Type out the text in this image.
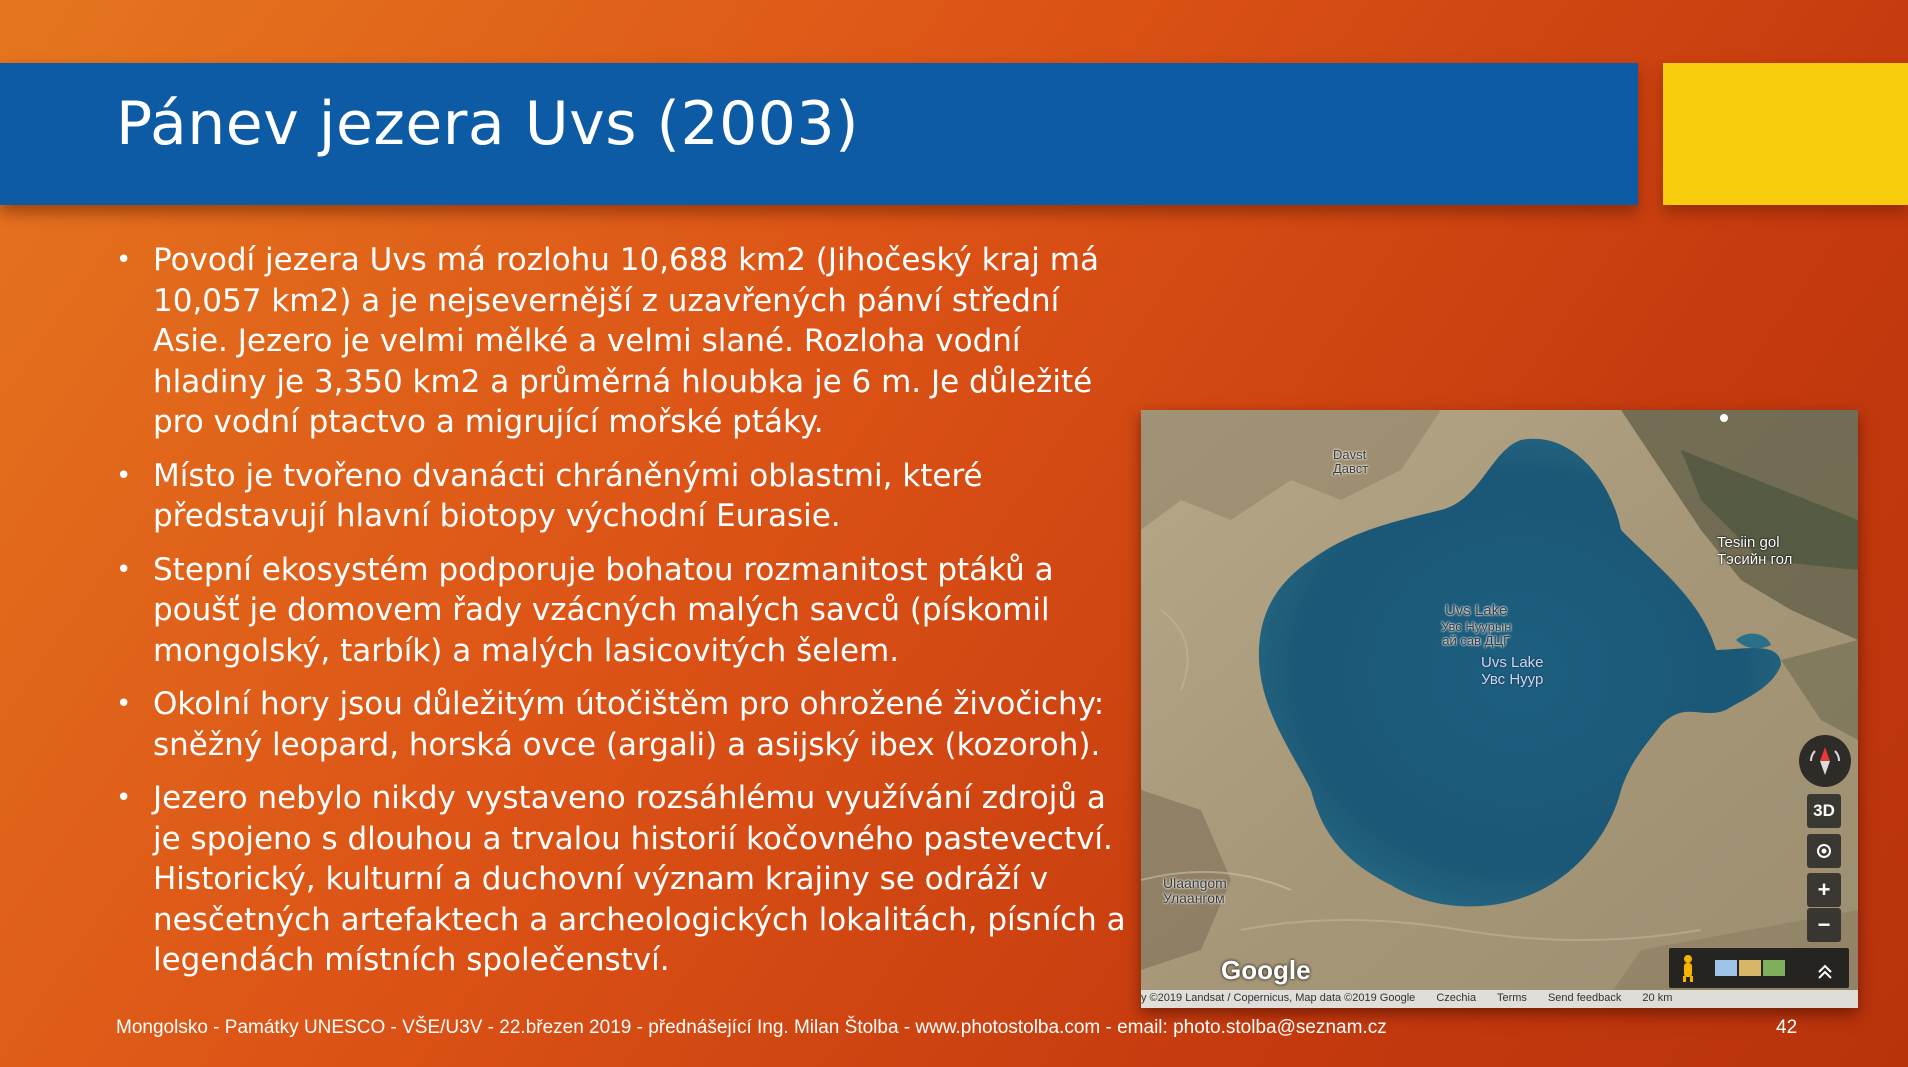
Pánev jezera Uvs (2003)
• Povodí jezera Uvs má rozlohu 10,688 km2 (Jihočeský kraj má 10,057 km2) a je nejsevernější z uzavřených pánví střední Asie. Jezero je velmi mělké a velmi slané. Rozloha vodní hladiny je 3,350 km2 a průměrná hloubka je 6 m. Je důležité pro vodní ptactvo a migrující mořské ptáky.
• Místo je tvořeno dvanácti chráněnými oblastmi, které představují hlavní biotopy východní Eurasie.
• Stepní ekosystém podporuje bohatou rozmanitost ptáků a poušť je domovem řady vzácných malých savců (pískomil mongolský, tarbík) a malých lasicovitých šelem.
• Okolní hory jsou důležitým útočištěm pro ohrožené živočichy: sněžný leopard, horská ovce (argali) a asijský ibex (kozoroh).
• Jezero nebylo nikdy vystaveno rozsáhlému využívání zdrojů a je spojeno s dlouhou a trvalou historií kočovného pastevectví. Historický, kulturní a duchovní význam krajiny se odráží v nesčetných artefaktech a archeologických lokalitách, písních a legendách místních společenství.
Davst
Давст
Tesiin gol
Тэсийн гол
Uvs Lake
Увс Нуурын
ай сав ДЦГ
Uvs Lake
Увс Нуур
Ulaangom
Улаангом
3D
+
−
Google
y ©2019 Landsat / Copernicus, Map data ©2019 Google Czechia Terms Send feedback 20 km
Mongolsko - Památky UNESCO - VŠE/U3V - 22.březen 2019 - přednášející Ing. Milan Štolba - www.photostolba.com - email: photo.stolba@seznam.cz	42
